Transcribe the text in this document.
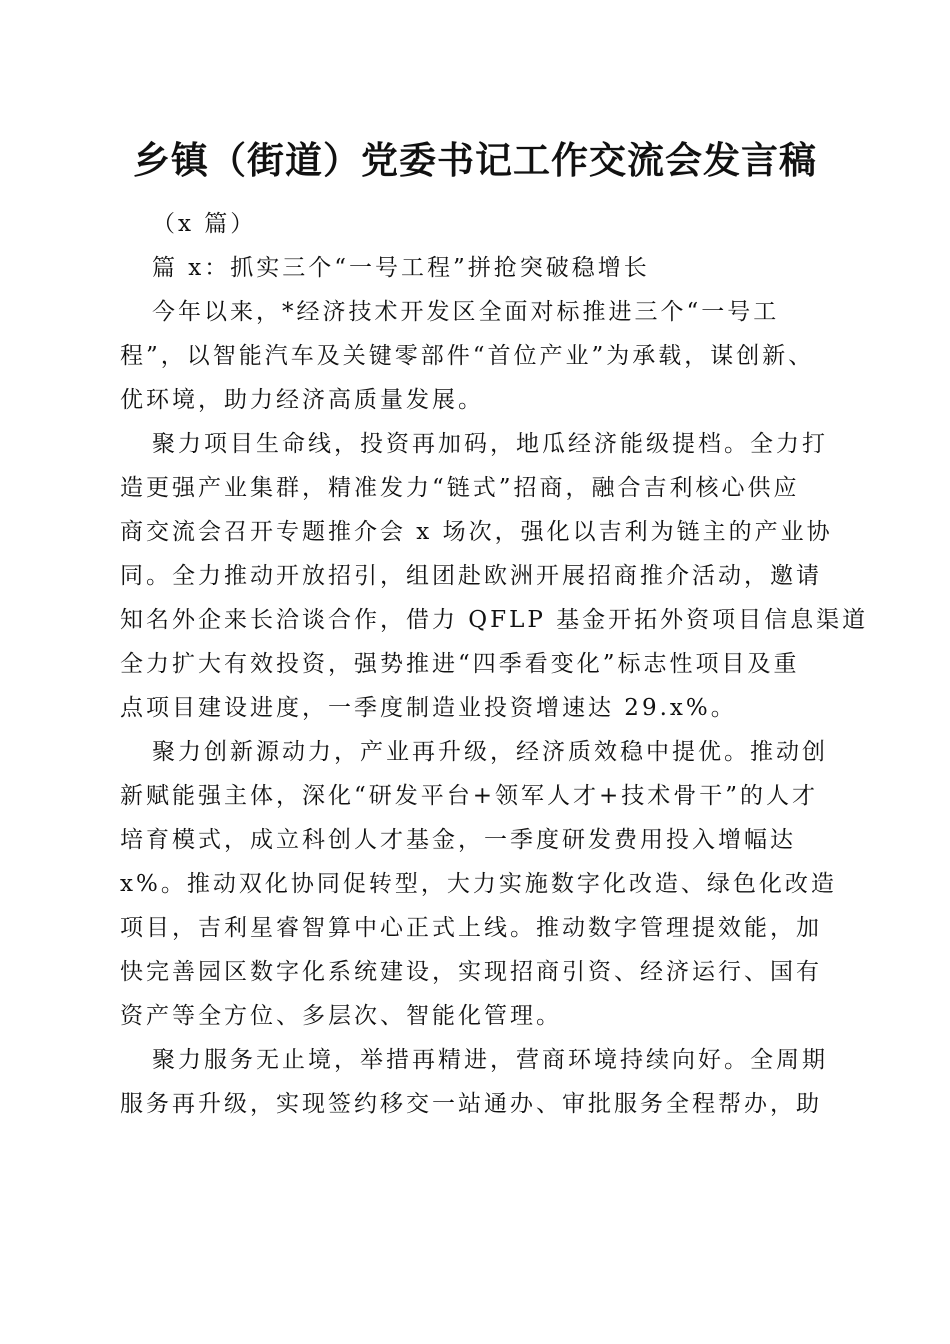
乡镇（街道）党委书记工作交流会发言稿
（x 篇）
篇 x：抓实三个“一号工程”拼抢突破稳增长
今年以来，*经济技术开发区全面对标推进三个“一号工
程”，以智能汽车及关键零部件“首位产业”为承载，谋创新、
优环境，助力经济高质量发展。
聚力项目生命线，投资再加码，地瓜经济能级提档。全力打
造更强产业集群，精准发力“链式”招商，融合吉利核心供应
商交流会召开专题推介会 x 场次，强化以吉利为链主的产业协
同。全力推动开放招引，组团赴欧洲开展招商推介活动，邀请
知名外企来长洽谈合作，借力 QFLP 基金开拓外资项目信息渠道
全力扩大有效投资，强势推进“四季看变化”标志性项目及重
点项目建设进度，一季度制造业投资增速达 29.x%。
聚力创新源动力，产业再升级，经济质效稳中提优。推动创
新赋能强主体，深化“研发平台+领军人才+技术骨干”的人才
培育模式，成立科创人才基金，一季度研发费用投入增幅达
x%。推动双化协同促转型，大力实施数字化改造、绿色化改造
项目，吉利星睿智算中心正式上线。推动数字管理提效能，加
快完善园区数字化系统建设，实现招商引资、经济运行、国有
资产等全方位、多层次、智能化管理。
聚力服务无止境，举措再精进，营商环境持续向好。全周期
服务再升级，实现签约移交一站通办、审批服务全程帮办，助
